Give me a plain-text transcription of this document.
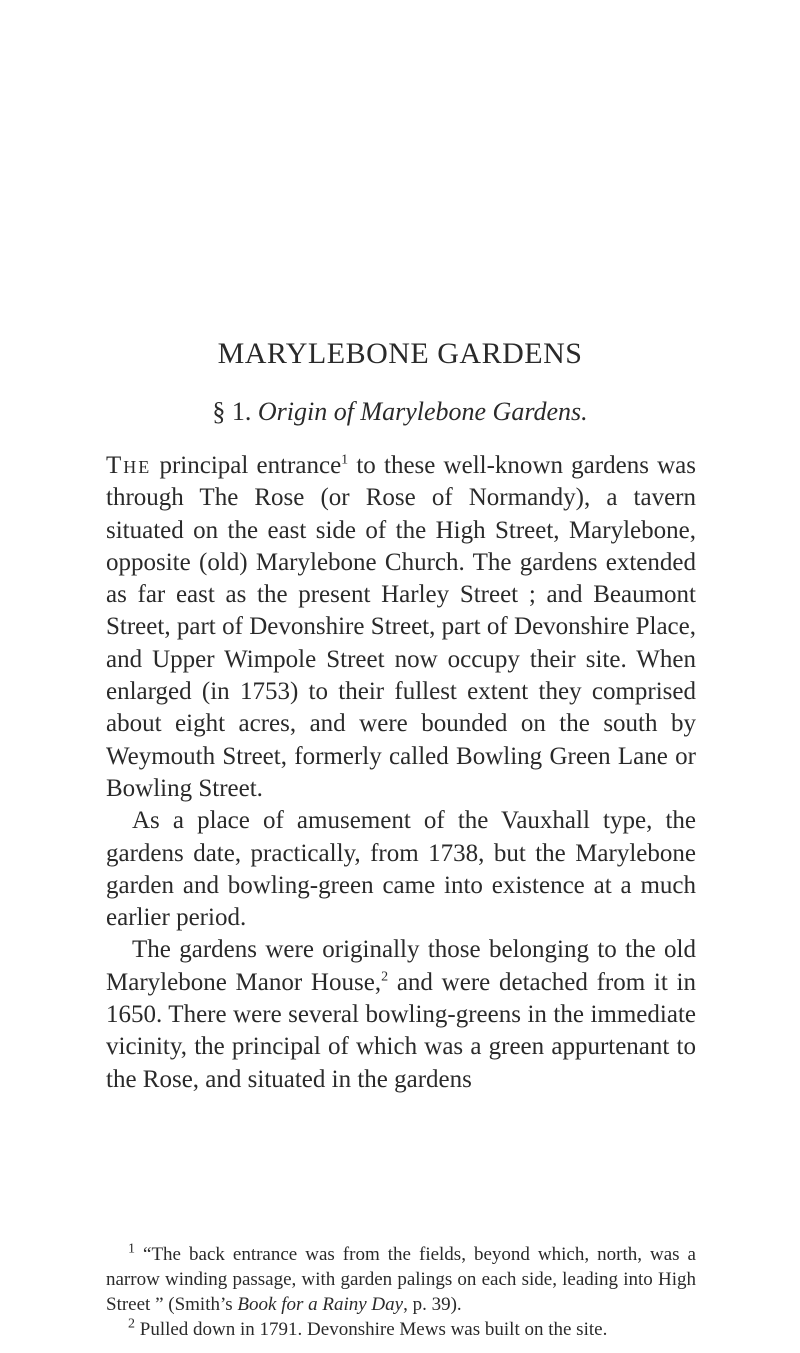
MARYLEBONE GARDENS
§ 1. Origin of Marylebone Gardens.

The principal entrance$^1$ to these well-known gardens was through The Rose (or Rose of Normandy), a tavern situated on the east side of the High Street, Marylebone, opposite (old) Marylebone Church. The gardens extended as far east as the present Harley Street ; and Beaumont Street, part of Devonshire Street, part of Devonshire Place, and Upper Wimpole Street now occupy their site. When enlarged (in 1753) to their fullest extent they comprised about eight acres, and were bounded on the south by Weymouth Street, formerly called Bowling Green Lane or Bowling Street.

As a place of amusement of the Vauxhall type, the gardens date, practically, from 1738, but the Marylebone garden and bowling-green came into existence at a much earlier period.

The gardens were originally those belonging to the old Marylebone Manor House,$^2$ and were detached from it in 1650. There were several bowling-greens in the immediate vicinity, the principal of which was a green appurtenant to the Rose, and situated in the gardens

$^1$ “The back entrance was from the fields, beyond which, north, was a narrow winding passage, with garden palings on each side, leading into High Street ” (Smith’s Book for a Rainy Day, p. 39).

$^2$ Pulled down in 1791. Devonshire Mews was built on the site.
